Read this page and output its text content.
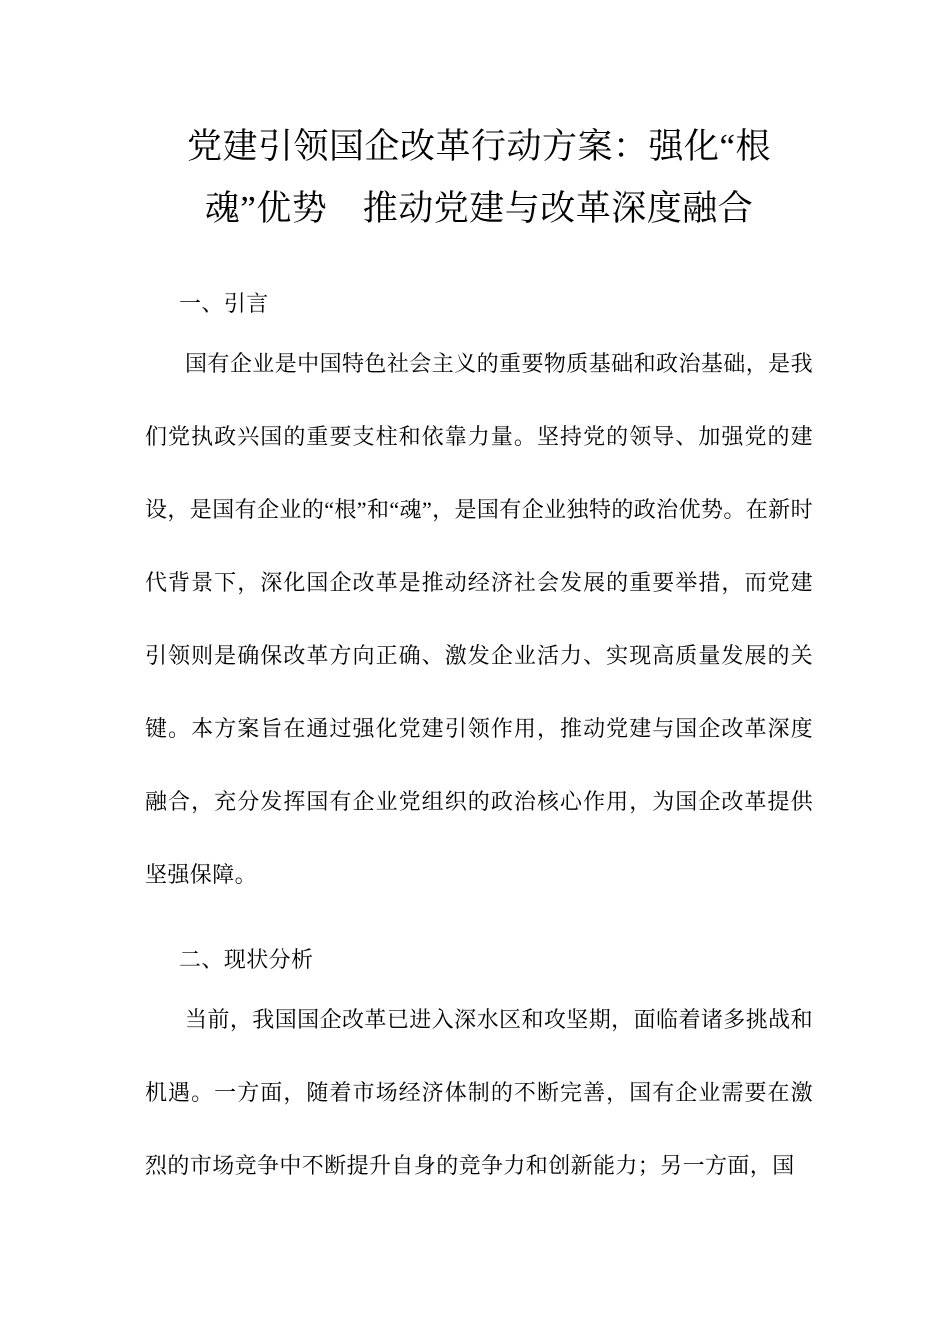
党建引领国企改革行动方案：强化“根
魂”优势　推动党建与改革深度融合
一、引言

国有企业是中国特色社会主义的重要物质基础和政治基础，是我们党执政兴国的重要支柱和依靠力量。坚持党的领导、加强党的建设，是国有企业的“根”和“魂”，是国有企业独特的政治优势。在新时代背景下，深化国企改革是推动经济社会发展的重要举措，而党建引领则是确保改革方向正确、激发企业活力、实现高质量发展的关键。本方案旨在通过强化党建引领作用，推动党建与国企改革深度融合，充分发挥国有企业党组织的政治核心作用，为国企改革提供坚强保障。

二、现状分析

当前，我国国企改革已进入深水区和攻坚期，面临着诸多挑战和机遇。一方面，随着市场经济体制的不断完善，国有企业需要在激烈的市场竞争中不断提升自身的竞争力和创新能力；另一方面，国
